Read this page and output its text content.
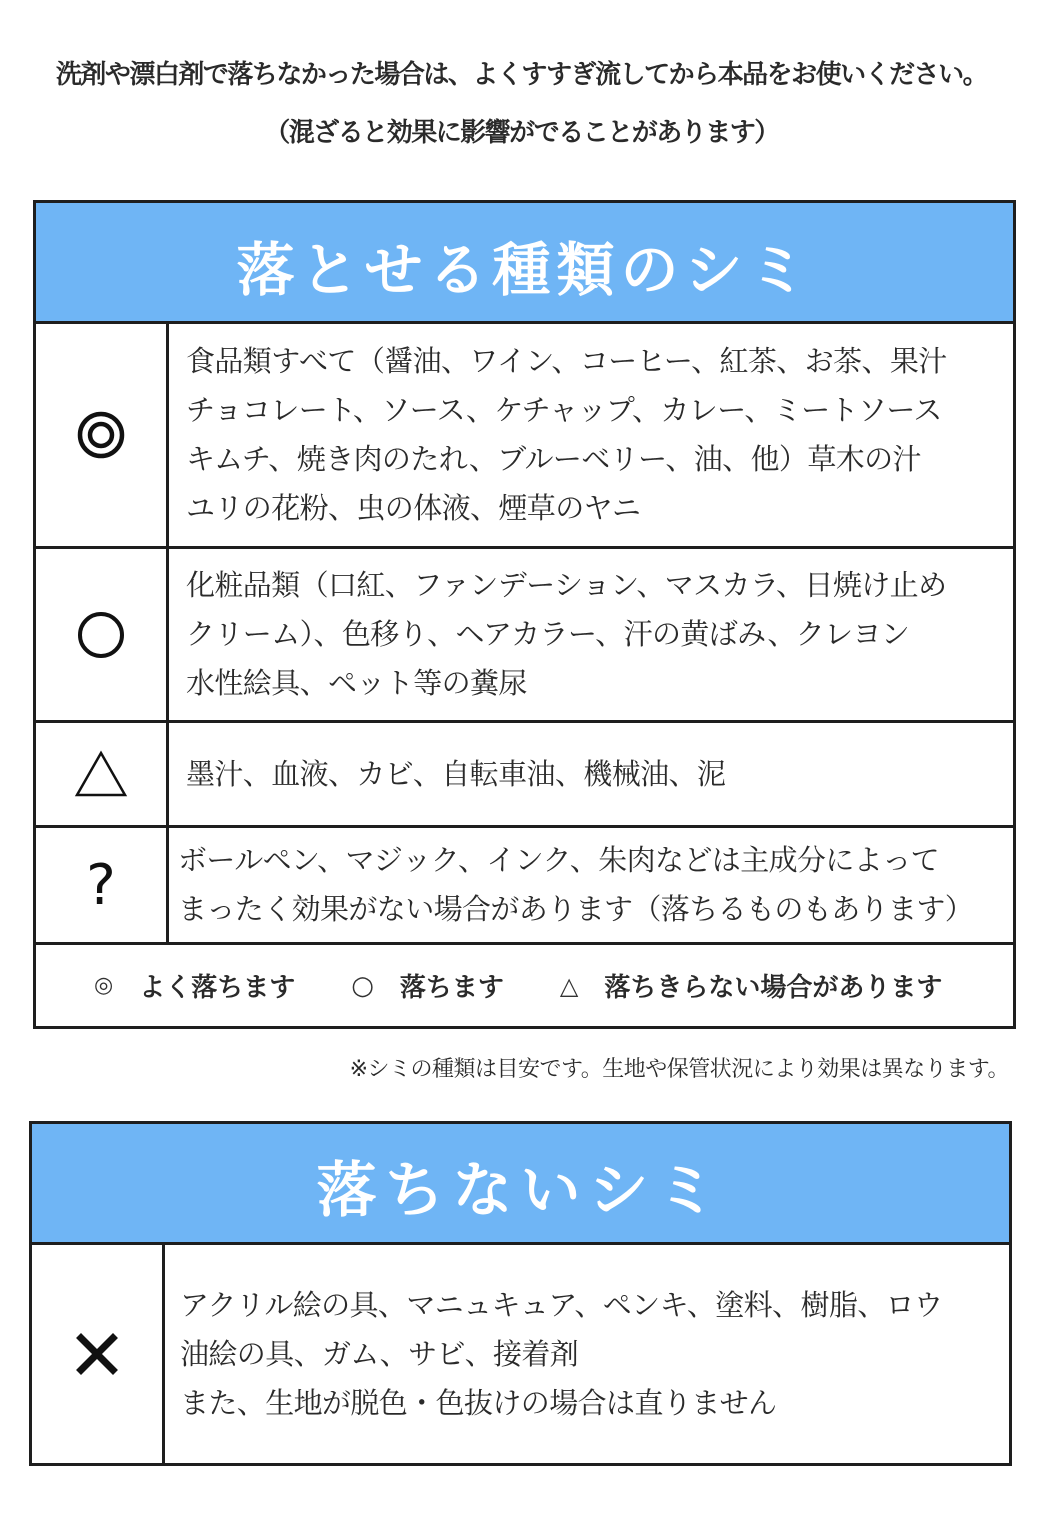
洗剤や漂白剤で落ちなかった場合は、よくすすぎ流してから本品をお使いください。
（混ざると効果に影響がでることがあります）
落とせる種類のシミ
食品類すべて（醤油、ワイン、コーヒー、紅茶、お茶、果汁
チョコレート、ソース、ケチャップ、カレー、ミートソース
キムチ、焼き肉のたれ、ブルーベリー、油、他）草木の汁
ユリの花粉、虫の体液、煙草のヤニ
化粧品類（口紅、ファンデーション、マスカラ、日焼け止め
クリーム）、色移り、ヘアカラー、汗の黄ばみ、クレヨン
水性絵具、ペット等の糞尿
墨汁、血液、カビ、自転車油、機械油、泥
? ボールペン、マジック、インク、朱肉などは主成分によって
まったく効果がない場合があります（落ちるものもあります）
◎ よく落ちます ○ 落ちます △ 落ちきらない場合があります
※シミの種類は目安です。生地や保管状況により効果は異なります。
落ちないシミ
アクリル絵の具、マニュキュア、ペンキ、塗料、樹脂、ロウ
油絵の具、ガム、サビ、接着剤
また、生地が脱色・色抜けの場合は直りません
